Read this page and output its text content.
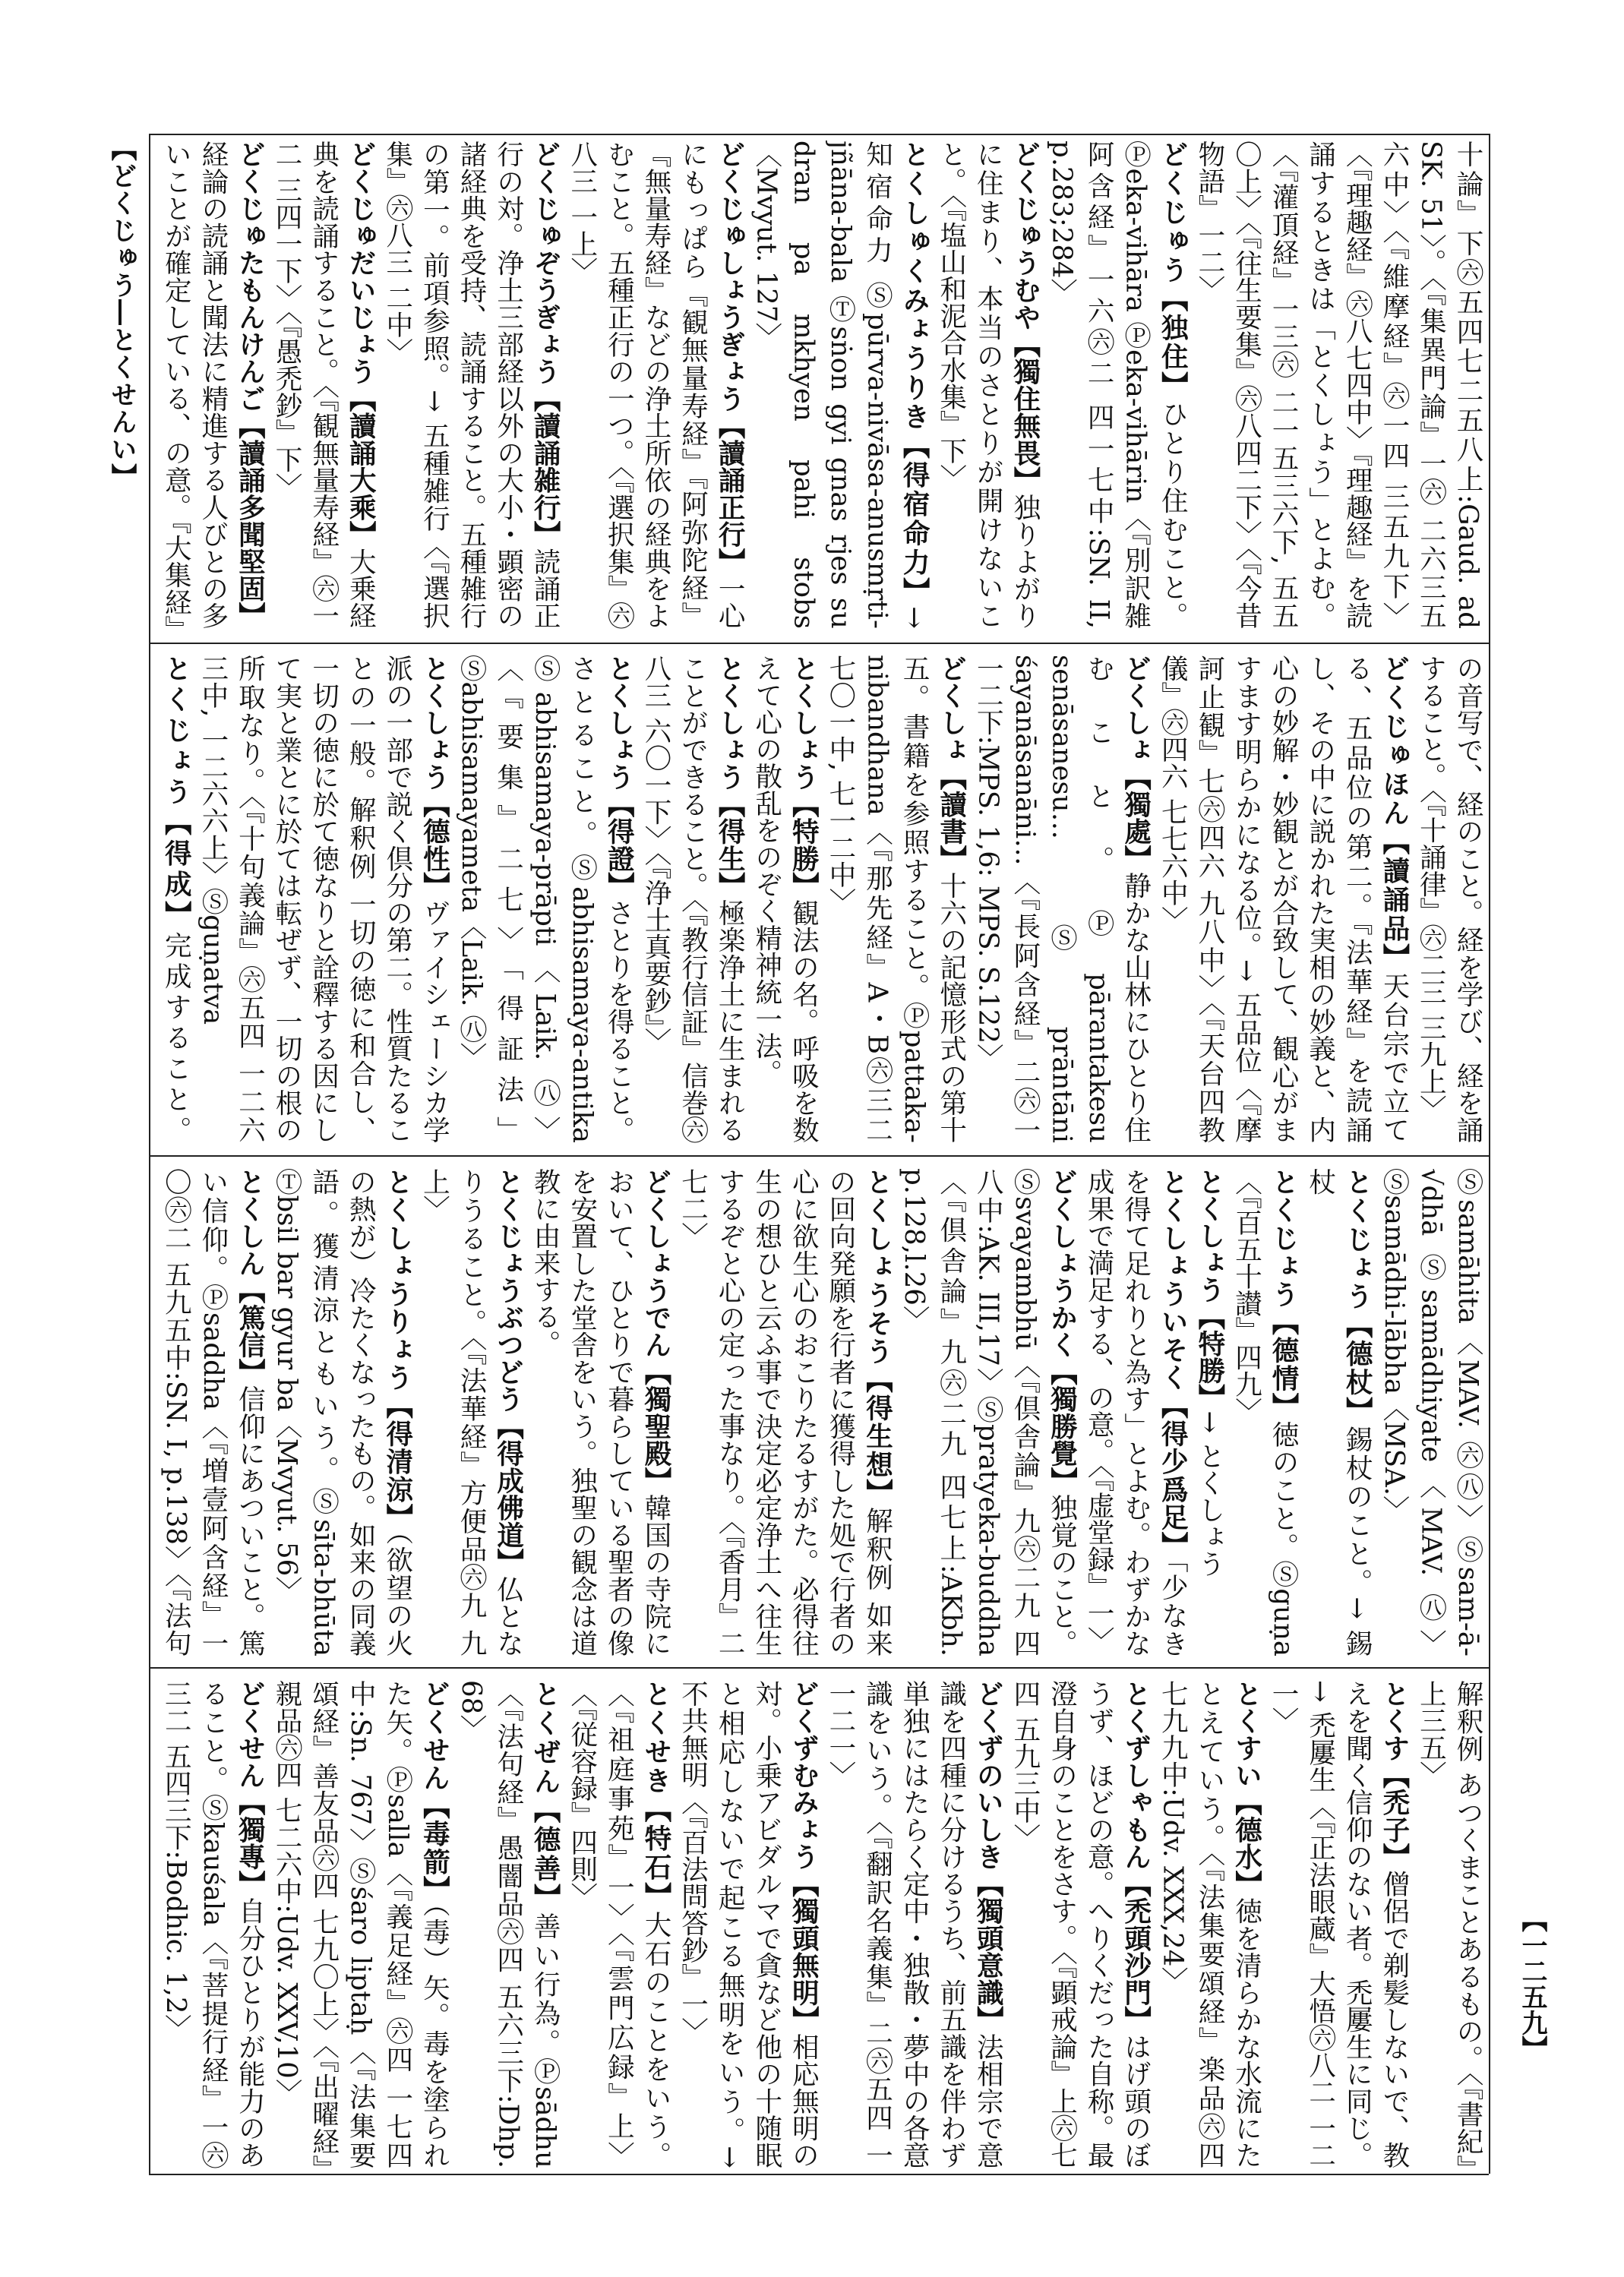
【どくじゅう―とくせんい】
【一二五九】
十論』下㊅五四七二五八上:Gaud. ad SK. 51〉。〈『集異門論』一㊅ 二六三五六中〉〈『維摩経』㊅一四 三五九下〉〈『理趣経』㊅八七四中〉『理趣経』を読誦するときは「とくしょう」とよむ。〈『灌頂経』一三㊅ 二一五三六下, 五五〇上〉〈『往生要集』㊅八四二下〉〈『今昔物語』一二〉
どくじゅう【独住】ひとり住むこと。Ⓟeka-vihāra Ⓟeka-vihārin〈『別訳雑阿含経』一六㊅二 四一七中:SN. II, p.283;284〉
どくじゅうむや【獨住無畏】独りよがりに住まり、本当のさとりが開けないこと。〈『塩山和泥合水集』下〉
とくしゅくみょうりき【得宿命力】→ 知宿命力 Ⓢpūrva-nivāsa-anusmṛti-jñāna-bala Ⓣsṅon gyi gnas rjes su dran pa mkhyen pahi stobs〈Mvyut. 127〉
どくじゅしょうぎょう【讀誦正行】一心にもっぱら『観無量寿経』『阿弥陀経』『無量寿経』などの浄土所依の経典をよむこと。五種正行の一つ。〈『選択集』㊅八三 一上〉
どくじゅぞうぎょう【讀誦雑行】読誦正行の対。浄土三部経以外の大小・顕密の諸経典を受持、読誦すること。五種雑行の第一。前項参照。→ 五種雑行〈『選択集』㊅八三 二中〉
どくじゅだいじょう【讀誦大乘】大乗経典を読誦すること。〈『観無量寿経』㊅一二 三四一下〉〈『愚禿鈔』下〉
どくじゅたもんけんご【讀誦多聞堅固】経論の読誦と聞法に精進する人びとの多いことが確定している、の意。『大集経』
の音写で、経のこと。経を学び、経を誦すること。〈『十誦律』㊅二三 三九上〉
どくじゅほん【讀誦品】天台宗で立てる、五品位の第二。『法華経』を読誦し、その中に説かれた実相の妙義と、内心の妙解・妙観とが合致して、観心がますます明らかになる位。→ 五品位〈『摩訶止観』七㊅四六 九八中〉〈『天台四教儀』㊅四六 七七六中〉
どくしょ【獨處】静かな山林にひとり住むこと。Ⓟpārantakesu senāsanesu… Ⓢprāntāni śayanāsanāni…〈『長阿含経』二㊅一 一二下:MPS. 1,6: MPS. S.122〉
どくしょ【讀書】十六の記憶形式の第十五。書籍を参照すること。Ⓟpattaka-nibandhana〈『那先経』A・B㊅三二 七〇一中, 七一二中〉
とくしょう【特勝】観法の名。呼吸を数えて心の散乱をのぞく精神統一法。
とくしょう【得生】極楽浄土に生まれることができること。〈『教行信証』信巻㊅八三 六〇一下〉〈『浄土真要鈔』〉
とくしょう【得證】さとりを得ること。さとること。Ⓢabhisamaya-antika Ⓢabhisamaya-prāpti〈Laik. ㊇〉〈『要集』二七〉「得証法」Ⓢabhisamayameta〈Laik. ㊇〉
とくしょう【德性】ヴァイシェーシカ学派の一部で説く倶分の第二。性質たることの一般。解釈例 一切の徳に和合し、一切の徳に於て徳なりと詮釋する因にして実と業とに於ては転ぜず、一切の根の所取なり。〈『十句義論』㊅五四 一二六三中, 一二六六上〉Ⓢguṇatva
とくじょう【得成】完成すること。
Ⓢsamāhita〈MAV. ㊅㊇〉Ⓢsam-ā-√dhā Ⓢsamādhiyate〈MAV. ㊇〉Ⓢsamādhi-lābha〈MSA.〉
とくじょう【德杖】錫杖のこと。→ 錫杖
とくじょう【德情】徳のこと。Ⓢguṇa〈『百五十讃』四九〉
とくしょう【特勝】→ とくしょう
とくしょういそく【得少爲足】「少なきを得て足れりと為す」とよむ。わずかな成果で満足する、の意。〈『虚堂録』一〉
どくしょうかく【獨勝覺】独覚のこと。Ⓢsvayambhū〈『倶舎論』九㊅二九 四八中:AK. III,17〉Ⓢpratyeka-buddha〈『倶舎論』九㊅二九 四七上:AKbh. p.128,l.26〉
とくしょうそう【得生想】解釈例 如来の回向発願を行者に獲得した処で行者の心に欲生心のおこりたるすがた。必得往生の想ひと云ふ事で決定必定浄土へ往生するぞと心の定った事なり。〈『香月』二七二〉
どくしょうでん【獨聖殿】韓国の寺院において、ひとりで暮らしている聖者の像を安置した堂舎をいう。独聖の観念は道教に由来する。
とくじょうぶつどう【得成佛道】仏となりうること。〈『法華経』方便品㊅九 九上〉
とくしょうりょう【得清涼】（欲望の火の熱が）冷たくなったもの。如来の同義語。獲清涼ともいう。Ⓢsīta-bhūta Ⓣbsil bar gyur ba〈Mvyut. 56〉
とくしん【篤信】信仰にあついこと。篤い信仰。Ⓟsaddha〈『増壹阿含経』一〇㊅二 五九五中:SN. I, p.138〉〈『法句
解釈例 あつくまことあるもの。〈『書紀』上三五〉
とくす【禿子】僧侶で剃髪しないで、教えを聞く信仰のない者。禿屢生に同じ。→ 禿屢生〈『正法眼蔵』大悟㊅八二 一二一〉
とくすい【德水】徳を清らかな水流にたとえていう。〈『法集要頌経』楽品㊅四 七九九中:Udv. XXX,24〉
とくずしゃもん【禿頭沙門】はげ頭のぼうず、ほどの意。へりくだった自称。最澄自身のことをさす。〈『顕戒論』上㊅七四 五九三中〉
どくずのいしき【獨頭意識】法相宗で意識を四種に分けるうち、前五識を伴わず単独にはたらく定中・独散・夢中の各意識をいう。〈『翻訳名義集』二㊅五四 一一二一〉
どくずむみょう【獨頭無明】相応無明の対。小乗アビダルマで貪など他の十随眠と相応しないで起こる無明をいう。→ 不共無明〈『百法問答鈔』一〉
とくせき【特石】大石のことをいう。〈『祖庭事苑』一〉〈『雲門広録』上〉〈『従容録』四則〉
とくぜん【德善】善い行為。Ⓟsādhu〈『法句経』愚闇品㊅四 五六三下:Dhp. 68〉
どくせん【毒箭】（毒）矢。毒を塗られた矢。Ⓟsalla〈『義足経』㊅四 一七四中:Sn. 767〉Ⓢśaro liptaḥ〈『法集要頌経』善友品㊅四 七九〇上〉〈『出曜経』親品㊅四 七二六中:Udv. XXV,10〉
どくせん【獨專】自分ひとりが能力のあること。Ⓢkauśala〈『菩提行経』一㊅三二 五四三下:Bodhic. 1,2〉
